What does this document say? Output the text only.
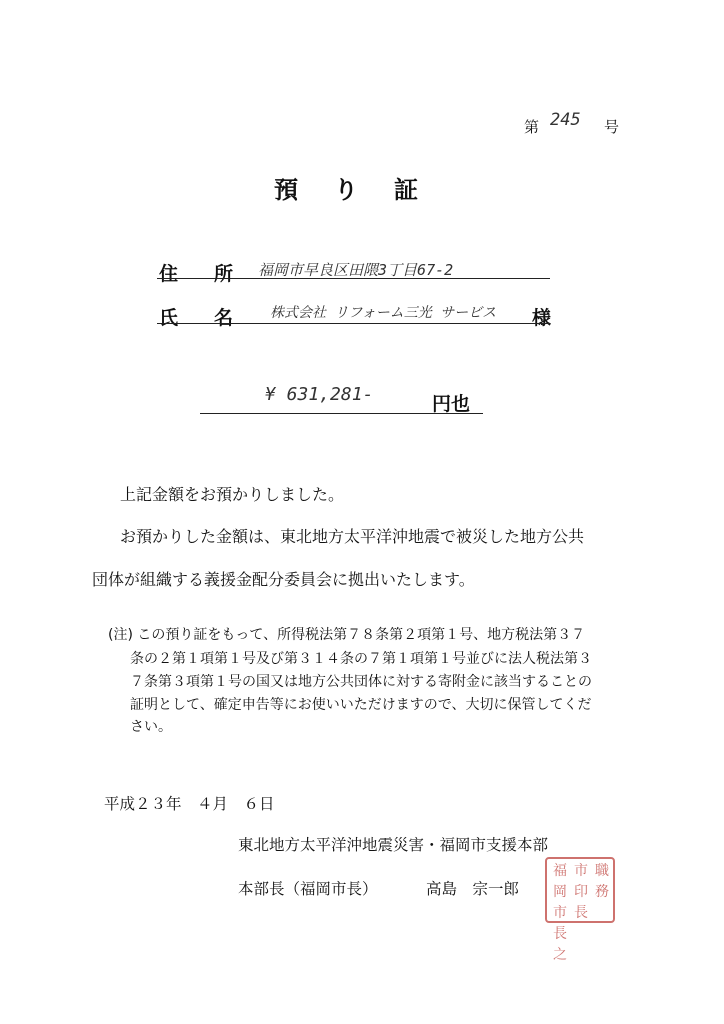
第 245 号
預 り 証
住 所	福岡市早良区田隈3丁目67-2
氏 名	株式会社 リフォーム三光 サービス 様
¥ 631,281-	円也
上記金額をお預かりしました。
お預かりした金額は、東北地方太平洋沖地震で被災した地方公共
団体が組織する義援金配分委員会に拠出いたします。
(注) この預り証をもって、所得税法第７８条第２項第１号、地方税法第３７
条の２第１項第１号及び第３１４条の７第１項第１号並びに法人税法第３
７条第３項第１号の国又は地方公共団体に対する寄附金に該当することの
証明として、確定申告等にお使いいただけますので、大切に保管してくだ
さい。
平成２３年　４月　６日
東北地方太平洋沖地震災害・福岡市支援本部
本部長（福岡市長）	高島　宗一郎
職務
市印長
福岡市長之
